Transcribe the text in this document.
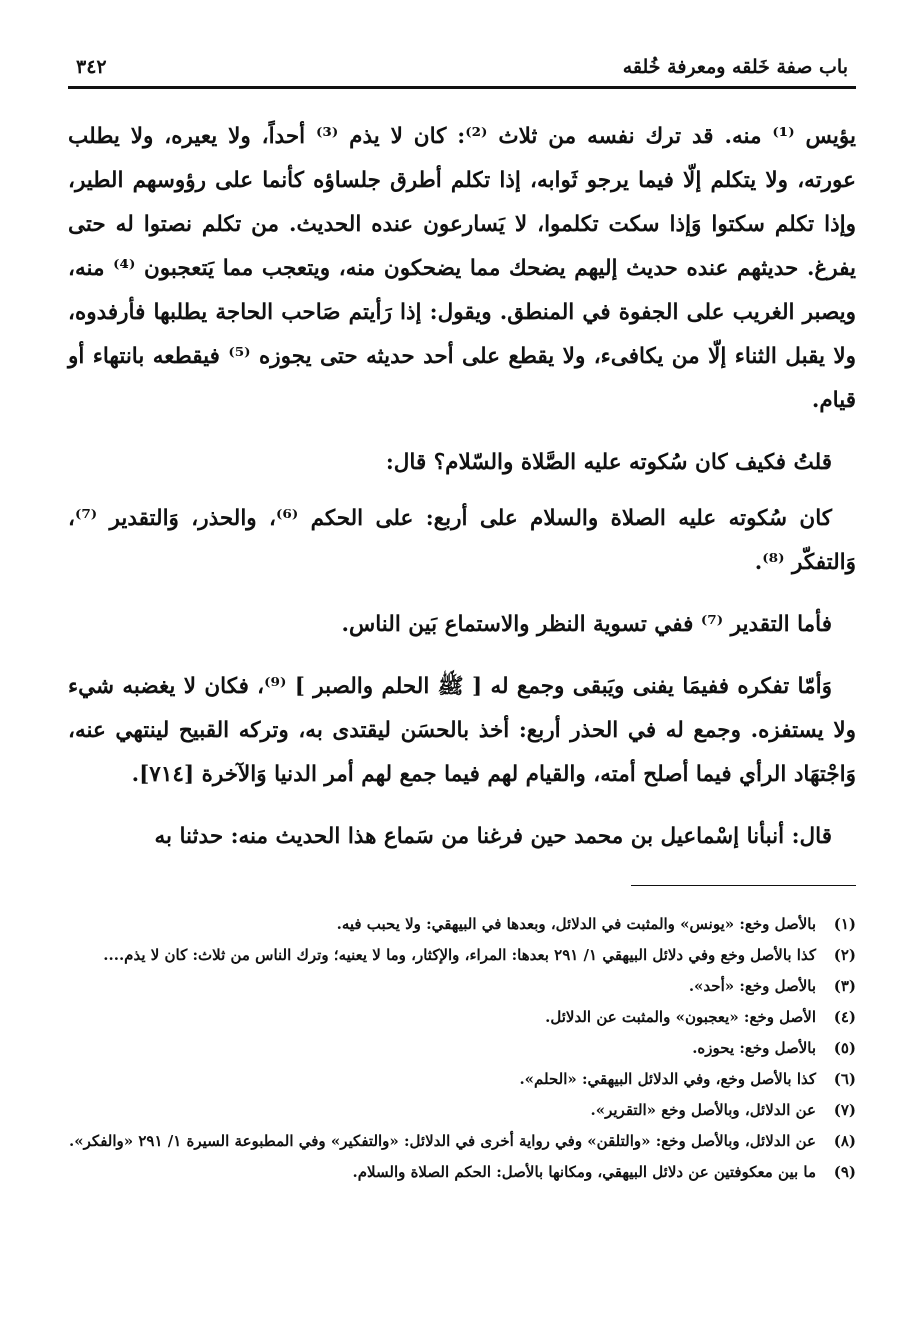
باب صفة خَلقه ومعرفة خُلقه
٣٤٢

يؤيس ⁽¹⁾ منه. قد ترك نفسه من ثلاث ⁽²⁾: كان لا يذم ⁽³⁾ أحداً، ولا يعيره، ولا يطلب عورته، ولا يتكلم إلّا فيما يرجو ثَوابه، إذا تكلم أطرق جلساؤه كأنما على رؤوسهم الطير، وإذا تكلم سكتوا وَإذا سكت تكلموا، لا يَسارعون عنده الحديث. من تكلم نصتوا له حتى يفرغ. حديثهم عنده حديث إليهم يضحك مما يضحكون منه، ويتعجب مما يَتعجبون ⁽⁴⁾ منه، ويصبر الغريب على الجفوة في المنطق. ويقول: إذا رَأيتم صَاحب الحاجة يطلبها فأرفدوه، ولا يقبل الثناء إلّا من يكافىء، ولا يقطع على أحد حديثه حتى يجوزه ⁽⁵⁾ فيقطعه بانتهاء أو قيام.

قلتُ فكيف كان سُكوته عليه الصَّلاة والسّلام؟ قال:

كان سُكوته عليه الصلاة والسلام على أربع: على الحكم ⁽⁶⁾، والحذر، وَالتقدير ⁽⁷⁾، وَالتفكّر ⁽⁸⁾.

فأما التقدير ⁽⁷⁾ ففي تسوية النظر والاستماع بَين الناس.

وَأمّا تفكره ففيمَا يفنى ويَبقى وجمع له [ ﷺ الحلم والصبر ] ⁽⁹⁾، فكان لا يغضبه شيء ولا يستفزه. وجمع له في الحذر أربع: أخذ بالحسَن ليقتدى به، وتركه القبيح لينتهي عنه، وَاجْتهَاد الرأي فيما أصلح أمته، والقيام لهم فيما جمع لهم أمر الدنيا وَالآخرة [٧١٤].

قال: أنبأنا إسْماعيل بن محمد حين فرغنا من سَماع هذا الحديث منه: حدثنا به

(١)
بالأصل وخع: «يونس» والمثبت في الدلائل، وبعدها في البيهقي: ولا يحبب فيه.
(٢)
كذا بالأصل وخع وفي دلائل البيهقي ١/ ٢٩١ بعدها: المراء، والإكثار، وما لا يعنيه؛ وترك الناس من ثلاث: كان لا يذم....
(٣)
بالأصل وخع: «أحد».
(٤)
الأصل وخع: «يعجبون» والمثبت عن الدلائل.
(٥)
بالأصل وخع: يحوزه.
(٦)
كذا بالأصل وخع، وفي الدلائل البيهقي: «الحلم».
(٧)
عن الدلائل، وبالأصل وخع «التقرير».
(٨)
عن الدلائل، وبالأصل وخع: «والتلقن» وفي رواية أخرى في الدلائل: «والتفكير» وفي المطبوعة السيرة ١/ ٢٩١ «والفكر».
(٩)
ما بين معكوفتين عن دلائل البيهقي، ومكانها بالأصل: الحكم الصلاة والسلام.
